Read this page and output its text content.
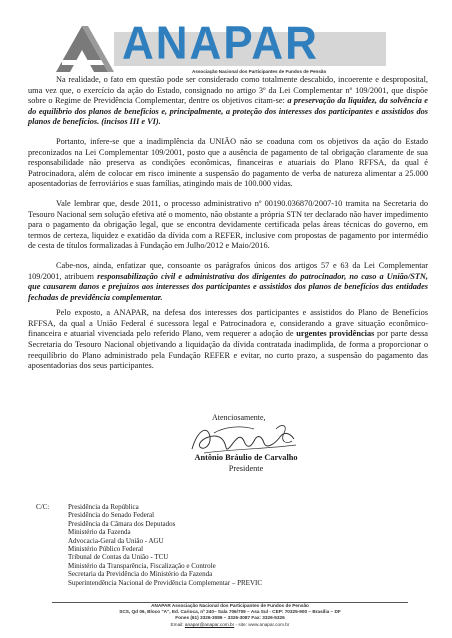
ANAPAR
Associação Nacional dos Participantes de Fundos de Pensão

Na realidade, o fato em questão pode ser considerado como totalmente descabido, incoerente e desproposital, uma vez que, o exercício da ação do Estado, consignado no artigo 3º da Lei Complementar nº 109/2001, que dispõe sobre o Regime de Previdência Complementar, dentre os objetivos citam-se: a preservação da liquidez, da solvência e do equilíbrio dos planos de benefícios e, principalmente, a proteção dos interesses dos participantes e assistidos dos planos de benefícios. (incisos III e VI).

Portanto, infere-se que a inadimplência da UNIÃO não se coaduna com os objetivos da ação do Estado preconizados na Lei Complementar 109/2001, posto que a ausência de pagamento de tal obrigação claramente de sua responsabilidade não preserva as condições econômicas, financeiras e atuariais do Plano RFFSA, da qual é Patrocinadora, além de colocar em risco iminente a suspensão do pagamento de verba de natureza alimentar a 25.000 aposentadorias de ferroviários e suas famílias, atingindo mais de 100.000 vidas.

Vale lembrar que, desde 2011, o processo administrativo nº 00190.036870/2007-10 tramita na Secretaria do Tesouro Nacional sem solução efetiva até o momento, não obstante a própria STN ter declarado não haver impedimento para o pagamento da obrigação legal, que se encontra devidamente certificada pelas áreas técnicas do governo, em termos de certeza, liquidez e exatidão da dívida com a REFER, inclusive com propostas de pagamento por intermédio de cesta de títulos formalizadas à Fundação em Julho/2012 e Maio/2016.

Cabe-nos, ainda, enfatizar que, consoante os parágrafos únicos dos artigos 57 e 63 da Lei Complementar 109/2001, atribuem responsabilização civil e administrativa dos dirigentes do patrocinador, no caso a União/STN, que causarem danos e prejuízos aos interesses dos participantes e assistidos dos planos de benefícios das entidades fechadas de previdência complementar.

Pelo exposto, a ANAPAR, na defesa dos interesses dos participantes e assistidos do Plano de Benefícios RFFSA, da qual a União Federal é sucessora legal e Patrocinadora e, considerando a grave situação econômico-financeira e atuarial vivenciada pelo referido Plano, vem requerer a adoção de urgentes providências por parte dessa Secretaria do Tesouro Nacional objetivando a liquidação da dívida contratada inadimplida, de forma a proporcionar o reequilíbrio do Plano administrado pela Fundação REFER e evitar, no curto prazo, a suspensão do pagamento das aposentadorias dos seus participantes.

Atenciosamente,
Antônio Bráulio de Carvalho
Presidente
C/C:	Presidência da República
Presidência do Senado Federal
Presidência da Câmara dos Deputados
Ministério da Fazenda
Advocacia-Geral da União - AGU
Ministério Público Federal
Tribunal de Contas da União - TCU
Ministério da Transparência, Fiscalização e Controle
Secretaria da Previdência do Ministério da Fazenda
Superintendência Nacional de Previdência Complementar – PREVIC
ANAPAR Associação Nacional dos Participantes de Fundos de Pensão
SCS, Qd 06, Bloco "A", Ed. Carioca, nº 240– Sala 706/709 – Asa Sul - CEP: 70325-900 – Brasília – DF
Fones (61) 3326-3086 – 3326-3087 Fax: 3326-5326
Email: anapar@anapar.com.br - site: www.anapar.com.br
